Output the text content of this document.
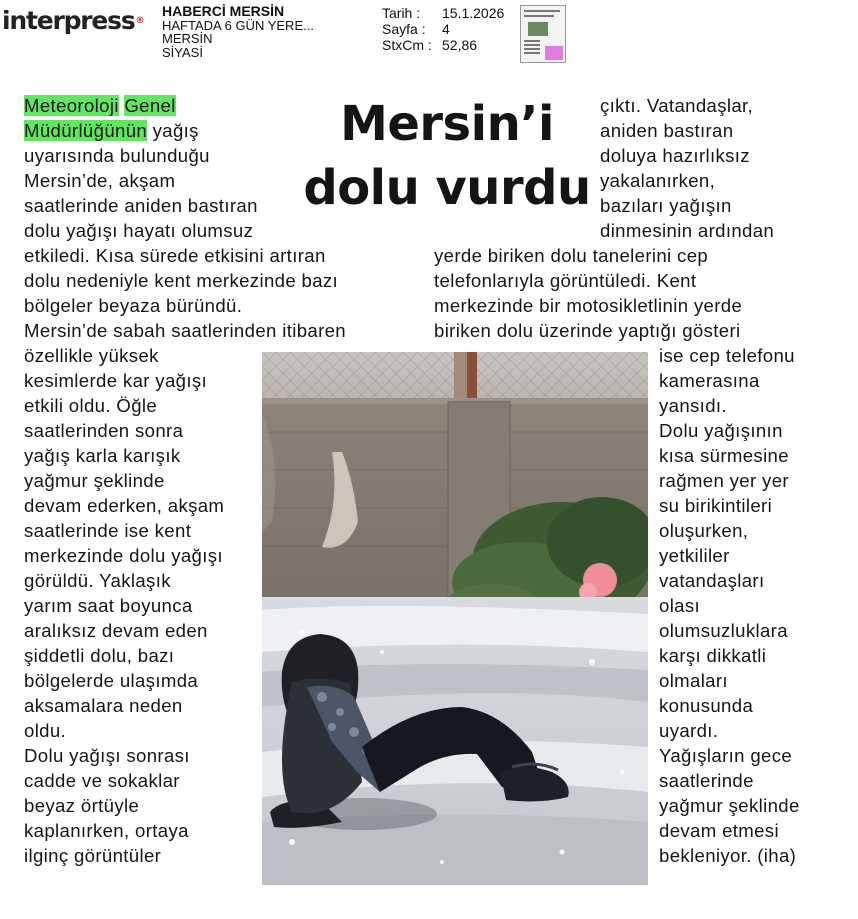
interpress®
HABERCİ MERSİN
HAFTADA 6 GÜN YERE...
MERSİN
SİYASİ
Tarih :
Sayfa :
StxCm :
15.1.2026
4
52,86
Mersin’i
dolu vurdu
Meteoroloji Genel
Müdürlüğünün yağış
uyarısında bulunduğu
Mersin’de, akşam
saatlerinde aniden bastıran
dolu yağışı hayatı olumsuz
etkiledi. Kısa sürede etkisini artıran
dolu nedeniyle kent merkezinde bazı
bölgeler beyaza büründü.
Mersin’de sabah saatlerinden itibaren
özellikle yüksek
kesimlerde kar yağışı
etkili oldu. Öğle
saatlerinden sonra
yağış karla karışık
yağmur şeklinde
devam ederken, akşam
saatlerinde ise kent
merkezinde dolu yağışı
görüldü. Yaklaşık
yarım saat boyunca
aralıksız devam eden
şiddetli dolu, bazı
bölgelerde ulaşımda
aksamalara neden
oldu.
Dolu yağışı sonrası
cadde ve sokaklar
beyaz örtüyle
kaplanırken, ortaya
ilginç görüntüler
çıktı. Vatandaşlar,
aniden bastıran
doluya hazırlıksız
yakalanırken,
bazıları yağışın
dinmesinin ardından
yerde biriken dolu tanelerini cep
telefonlarıyla görüntüledi. Kent
merkezinde bir motosikletlinin yerde
biriken dolu üzerinde yaptığı gösteri
ise cep telefonu
kamerasına
yansıdı.
Dolu yağışının
kısa sürmesine
rağmen yer yer
su birikintileri
oluşurken,
yetkililer
vatandaşları
olası
olumsuzluklara
karşı dikkatli
olmaları
konusunda
uyardı.
Yağışların gece
saatlerinde
yağmur şeklinde
devam etmesi
bekleniyor. (iha)
